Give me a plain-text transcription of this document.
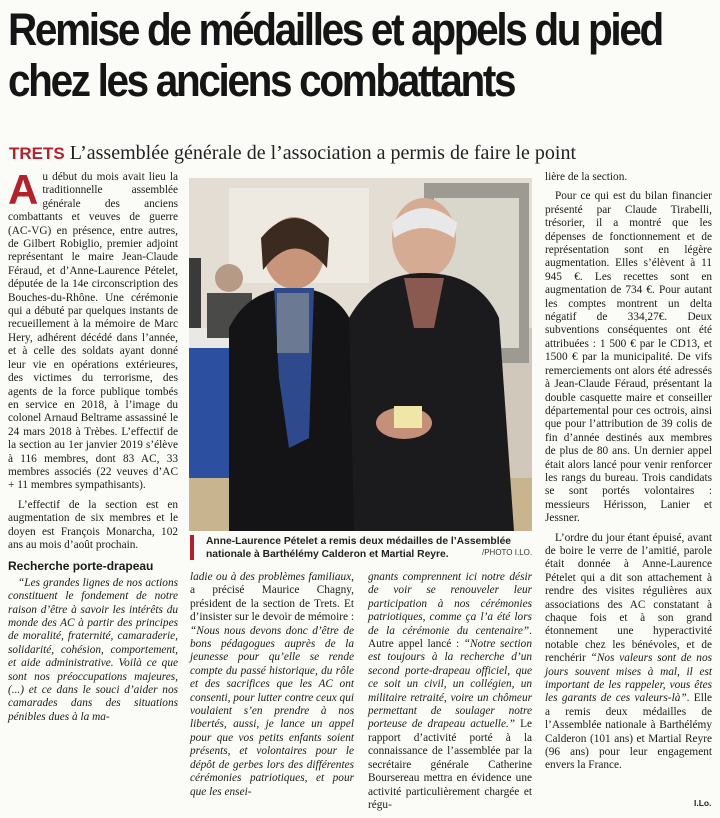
Remise de médailles et appels du pied chez les anciens combattants
TRETS L’assemblée générale de l’association a permis de faire le point

Au début du mois avait lieu la traditionnelle assemblée générale des anciens combattants et veuves de guerre (AC-VG) en présence, entre autres, de Gilbert Robiglio, premier adjoint représentant le maire Jean-Claude Féraud, et d’Anne-Laurence Pételet, députée de la 14e circonscription des Bouches-du-Rhône. Une cérémonie qui a débuté par quelques instants de recueillement à la mémoire de Marc Hery, adhérent décédé dans l’année, et à celle des soldats ayant donné leur vie en opérations extérieures, des victimes du terrorisme, des agents de la force publique tombés en service en 2018, à l’image du colonel Arnaud Beltrame assassiné le 24 mars 2018 à Trèbes. L’effectif de la section au 1er janvier 2019 s’élève à 116 membres, dont 83 AC, 33 membres associés (22 veuves d’AC + 11 membres sympathisants).

L’effectif de la section est en augmentation de six membres et le doyen est François Monarcha, 102 ans au mois d’août prochain.

Recherche porte-drapeau

“Les grandes lignes de nos actions constituent le fondement de notre raison d’être à savoir les intérêts du monde des AC à partir des principes de moralité, fraternité, camaraderie, solidarité, cohésion, comportement, et aide administrative. Voilà ce que sont nos préoccupations majeures, (...) et ce dans le souci d’aider nos camarades dans des situations pénibles dues à la ma-

Anne-Laurence Pételet a remis deux médailles de l’Assemblée nationale à Barthélémy Calderon et Martial Reyre.	/PHOTO I.LO.

ladie ou à des problèmes familiaux, a précisé Maurice Chagny, président de la section de Trets. Et d’insister sur le devoir de mémoire : “Nous nous devons donc d’être de bons pédagogues auprès de la jeunesse pour qu’elle se rende compte du passé historique, du rôle et des sacrifices que les AC ont consenti, pour lutter contre ceux qui voulaient s’en prendre à nos libertés, aussi, je lance un appel pour que vos petits enfants soient présents, et volontaires pour le dépôt de gerbes lors des différentes cérémonies patriotiques, et pour que les ensei-

gnants comprennent ici notre désir de voir se renouveler leur participation à nos cérémonies patriotiques, comme ça l’a été lors de la cérémonie du centenaire”. Autre appel lancé : “Notre section est toujours à la recherche d’un second porte-drapeau officiel, que ce soit un civil, un collégien, un militaire retraité, voire un chômeur permettant de soulager notre porteuse de drapeau actuelle.” Le rapport d’activité porté à la connaissance de l’assemblée par la secrétaire générale Catherine Boursereau mettra en évidence une activité particulièrement chargée et régu-

lière de la section.

Pour ce qui est du bilan financier présenté par Claude Tirabelli, trésorier, il a montré que les dépenses de fonctionnement et de représentation sont en légère augmentation. Elles s’élèvent à 11 945 €. Les recettes sont en augmentation de 734 €. Pour autant les comptes montrent un delta négatif de 334,27€. Deux subventions conséquentes ont été attribuées : 1 500 € par le CD13, et 1500 € par la municipalité. De vifs remerciements ont alors été adressés à Jean-Claude Féraud, présentant la double casquette maire et conseiller départemental pour ces octrois, ainsi que pour l’attribution de 39 colis de fin d’année destinés aux membres de plus de 80 ans. Un dernier appel était alors lancé pour venir renforcer les rangs du bureau. Trois candidats se sont portés volontaires : messieurs Hérisson, Lanier et Jessner.

L’ordre du jour étant épuisé, avant de boire le verre de l’amitié, parole était donnée à Anne-Laurence Pételet qui a dit son attachement à rendre des visites régulières aux associations des AC constatant à chaque fois et à son grand étonnement une hyperactivité notable chez les bénévoles, et de renchérir “Nos valeurs sont de nos jours souvent mises à mal, il est important de les rappeler, vous êtes les garants de ces valeurs-là”. Elle a remis deux médailles de l’Assemblée nationale à Barthélémy Calderon (101 ans) et Martial Reyre (96 ans) pour leur engagement envers la France.

I.Lo.
